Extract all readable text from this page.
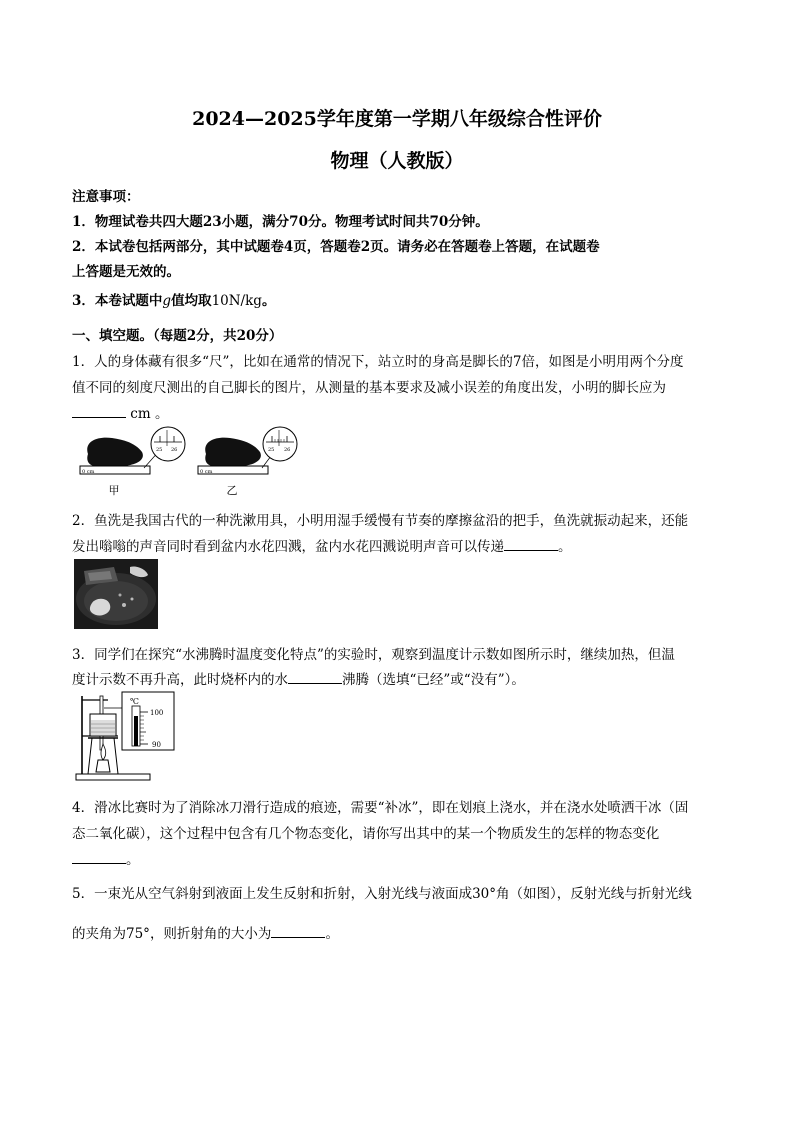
2024—2025学年度第一学期八年级综合性评价
物理（人教版）
注意事项：
1．物理试卷共四大题23小题，满分70分。物理考试时间共70分钟。
2．本试卷包括两部分，其中试题卷4页，答题卷2页。请务必在答题卷上答题，在试题卷
上答题是无效的。
3．本卷试题中g值均取10N/kg。
一、填空题。（每题2分，共20分）
1．人的身体藏有很多“尺”，比如在通常的情况下，站立时的身高是脚长的7倍，如图是小明用两个分度
值不同的刻度尺测出的自己脚长的图片，从测量的基本要求及减小误差的角度出发，小明的脚长应为
cm 。
0 cm
25 26
甲
0 cm
25 26
乙
2．鱼洗是我国古代的一种洗漱用具，小明用湿手缓慢有节奏的摩擦盆沿的把手，鱼洗就振动起来，还能
发出嗡嗡的声音同时看到盆内水花四溅，盆内水花四溅说明声音可以传递	。
3．同学们在探究“水沸腾时温度变化特点”的实验时，观察到温度计示数如图所示时，继续加热，但温
度计示数不再升高，此时烧杯内的水	沸腾（选填“已经”或“没有”）。
℃
100
90
4．滑冰比赛时为了消除冰刀滑行造成的痕迹，需要“补冰”，即在划痕上浇水，并在浇水处喷洒干冰（固
态二氧化碳），这个过程中包含有几个物态变化，请你写出其中的某一个物质发生的怎样的物态变化
。
5．一束光从空气斜射到液面上发生反射和折射，入射光线与液面成30°角（如图），反射光线与折射光线
的夹角为75°，则折射角的大小为	。
